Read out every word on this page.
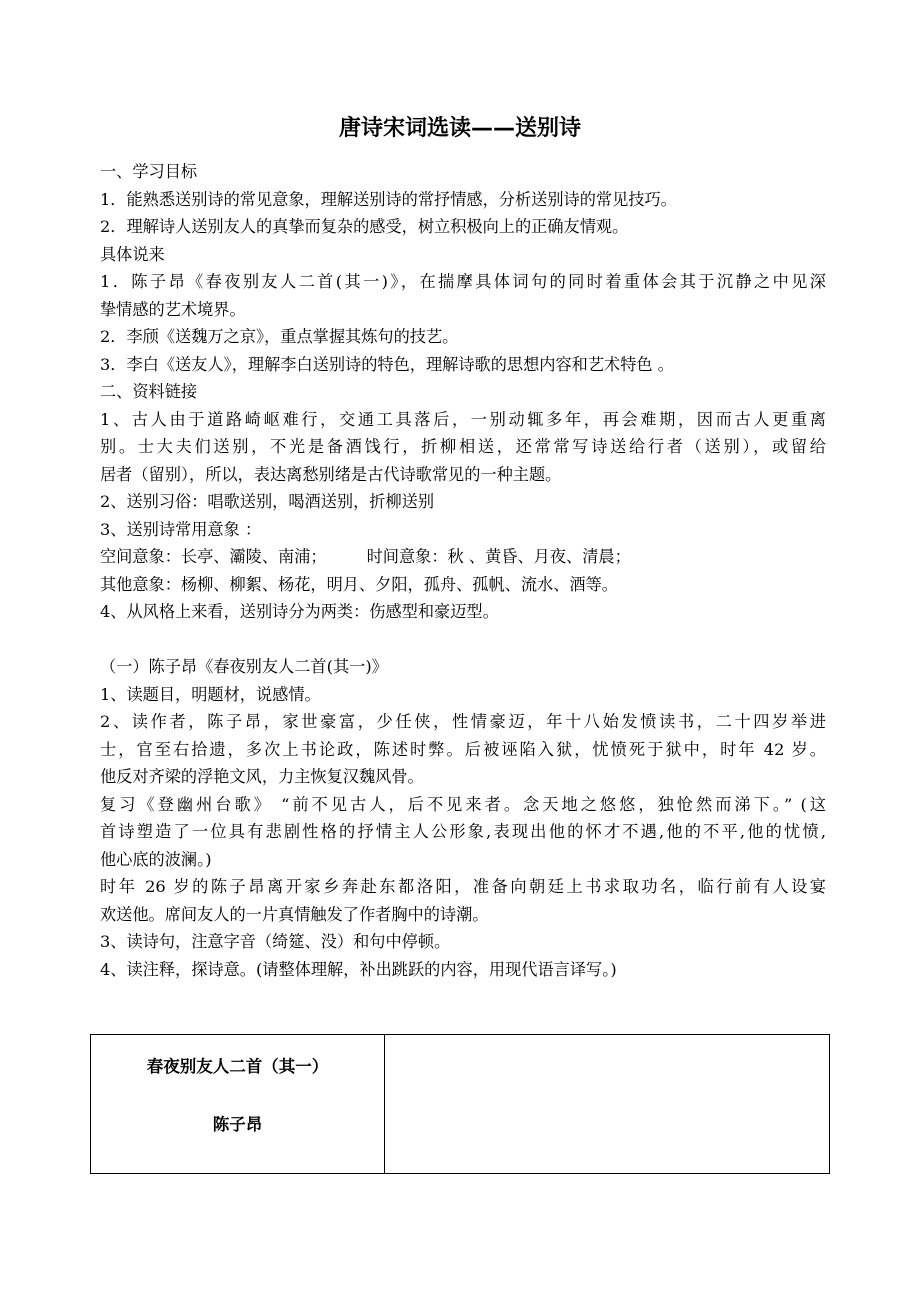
唐诗宋词选读——送别诗
一、学习目标
1．能熟悉送别诗的常见意象，理解送别诗的常抒情感，分析送别诗的常见技巧。
2．理解诗人送别友人的真挚而复杂的感受，树立积极向上的正确友情观。
具体说来
1．陈子昂《春夜别友人二首(其一)》，在揣摩具体词句的同时着重体会其于沉静之中见深
挚情感的艺术境界。
2．李颀《送魏万之京》，重点掌握其炼句的技艺。
3．李白《送友人》，理解李白送别诗的特色，理解诗歌的思想内容和艺术特色 。
二、资料链接
1、古人由于道路崎岖难行，交通工具落后，一别动辄多年，再会难期，因而古人更重离
别。士大夫们送别，不光是备酒饯行，折柳相送，还常常写诗送给行者（送别），或留给
居者（留别），所以，表达离愁别绪是古代诗歌常见的一种主题。
2、送别习俗：唱歌送别，喝酒送别，折柳送别
3、送别诗常用意象 ：
空间意象：长亭、灞陵、南浦； 时间意象：秋 、黄昏、月夜、清晨；
其他意象：杨柳、柳絮、杨花，明月、夕阳，孤舟、孤帆、流水、酒等。
4、从风格上来看，送别诗分为两类：伤感型和豪迈型。
（一）陈子昂《春夜别友人二首(其一)》
1、读题目，明题材，说感情。
2、读作者，陈子昂，家世豪富，少任侠，性情豪迈，年十八始发愤读书，二十四岁举进
士，官至右拾遗，多次上书论政，陈述时弊。后被诬陷入狱，忧愤死于狱中，时年 42 岁。
他反对齐梁的浮艳文风，力主恢复汉魏风骨。
复习《登幽州台歌》 “前不见古人，后不见来者。念天地之悠悠，独怆然而涕下。” (这
首诗塑造了一位具有悲剧性格的抒情主人公形象,表现出他的怀才不遇,他的不平,他的忧愤,
他心底的波澜。)
时年 26 岁的陈子昂离开家乡奔赴东都洛阳，准备向朝廷上书求取功名，临行前有人设宴
欢送他。席间友人的一片真情触发了作者胸中的诗潮。
3、读诗句，注意字音（绮筵、没）和句中停顿。
4、读注释，探诗意。(请整体理解，补出跳跃的内容，用现代语言译写。)
春夜别友人二首（其一）
陈子昂
